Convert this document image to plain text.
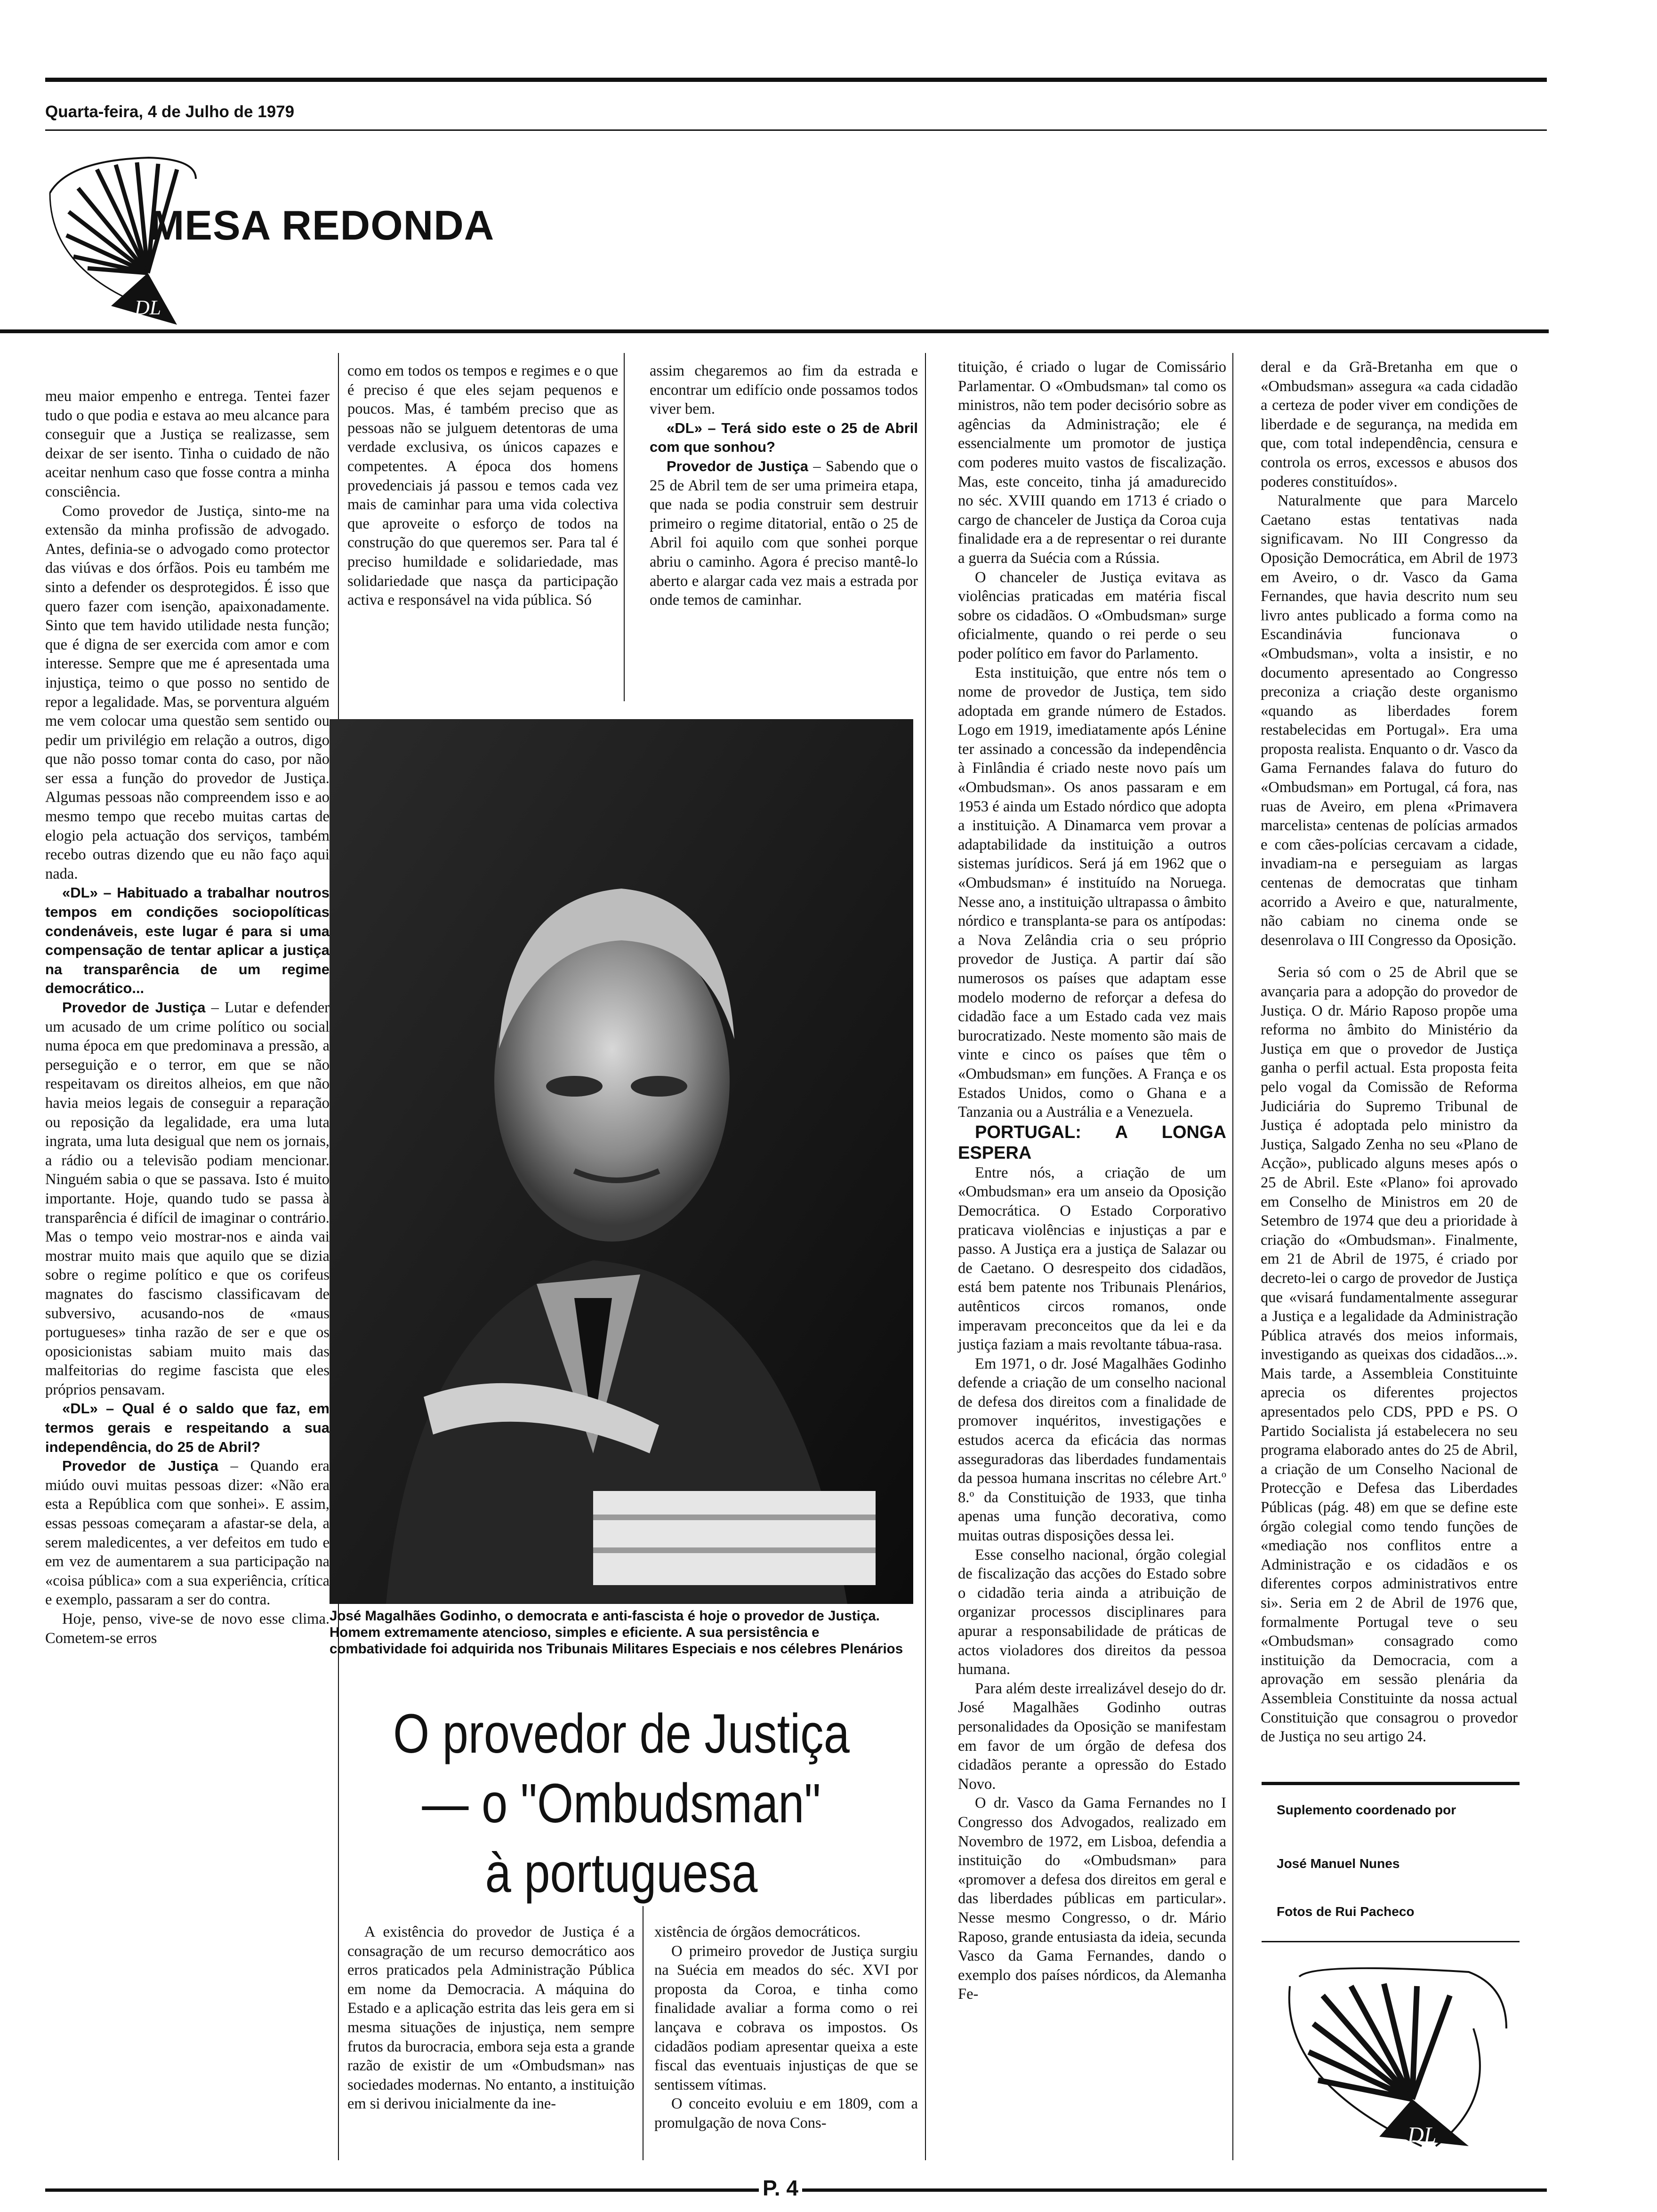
Quarta-feira, 4 de Julho de 1979
DL
MESA REDONDA

meu maior empenho e entrega. Tentei fazer tudo o que podia e estava ao meu alcance para conseguir que a Justiça se realizasse, sem deixar de ser isento. Tinha o cuidado de não aceitar nenhum caso que fosse contra a minha consciência.

Como provedor de Justiça, sinto-me na extensão da minha profissão de advogado. Antes, definia-se o advogado como protector das viúvas e dos órfãos. Pois eu também me sinto a defender os desprotegidos. É isso que quero fazer com isenção, apaixonadamente. Sinto que tem havido utilidade nesta função; que é digna de ser exercida com amor e com interesse. Sempre que me é apresentada uma injustiça, teimo o que posso no sentido de repor a legalidade. Mas, se porventura alguém me vem colocar uma questão sem sentido ou pedir um privilégio em relação a outros, digo que não posso tomar conta do caso, por não ser essa a função do provedor de Justiça. Algumas pessoas não compreendem isso e ao mesmo tempo que recebo muitas cartas de elogio pela actuação dos serviços, também recebo outras dizendo que eu não faço aqui nada.

«DL» – Habituado a trabalhar noutros tempos em condições sociopolíticas condenáveis, este lugar é para si uma compensação de tentar aplicar a justiça na transparência de um regime democrático...

Provedor de Justiça – Lutar e defender um acusado de um crime político ou social numa época em que predominava a pressão, a perseguição e o terror, em que se não respeitavam os direitos alheios, em que não havia meios legais de conseguir a reparação ou reposição da legalidade, era uma luta ingrata, uma luta desigual que nem os jornais, a rádio ou a televisão podiam mencionar. Ninguém sabia o que se passava. Isto é muito importante. Hoje, quando tudo se passa à transparência é difícil de imaginar o contrário. Mas o tempo veio mostrar-nos e ainda vai mostrar muito mais que aquilo que se dizia sobre o regime político e que os corifeus magnates do fascismo classificavam de subversivo, acusando-nos de «maus portugueses» tinha razão de ser e que os oposicionistas sabiam muito mais das malfeitorias do regime fascista que eles próprios pensavam.

«DL» – Qual é o saldo que faz, em termos gerais e respeitando a sua independência, do 25 de Abril?

Provedor de Justiça – Quando era miúdo ouvi muitas pessoas dizer: «Não era esta a República com que sonhei». E assim, essas pessoas começaram a afastar-se dela, a serem maledicentes, a ver defeitos em tudo e em vez de aumentarem a sua participação na «coisa pública» com a sua experiência, crítica e exemplo, passaram a ser do contra.

Hoje, penso, vive-se de novo esse clima. Cometem-se erros

como em todos os tempos e regimes e o que é preciso é que eles sejam pequenos e poucos. Mas, é também preciso que as pessoas não se julguem detentoras de uma verdade exclusiva, os únicos capazes e competentes. A época dos homens provedenciais já passou e temos cada vez mais de caminhar para uma vida colectiva que aproveite o esforço de todos na construção do que queremos ser. Para tal é preciso humildade e solidariedade, mas solidariedade que nasça da participação activa e responsável na vida pública. Só

assim chegaremos ao fim da estrada e encontrar um edifício onde possamos todos viver bem.

«DL» – Terá sido este o 25 de Abril com que sonhou?

Provedor de Justiça – Sabendo que o 25 de Abril tem de ser uma primeira etapa, que nada se podia construir sem destruir primeiro o regime ditatorial, então o 25 de Abril foi aquilo com que sonhei porque abriu o caminho. Agora é preciso mantê-lo aberto e alargar cada vez mais a estrada por onde temos de caminhar.

José Magalhães Godinho, o democrata e anti-fascista é hoje o provedor de Justiça. Homem extremamente atencioso, simples e eficiente. A sua persistência e combatividade foi adquirida nos Tribunais Militares Especiais e nos célebres Plenários
O provedor de Justiça
— o "Ombudsman"
à portuguesa

A existência do provedor de Justiça é a consagração de um recurso democrático aos erros praticados pela Administração Pública em nome da Democracia. A máquina do Estado e a aplicação estrita das leis gera em si mesma situações de injustiça, nem sempre frutos da burocracia, embora seja esta a grande razão de existir de um «Ombudsman» nas sociedades modernas. No entanto, a instituição em si derivou inicialmente da ine-

xistência de órgãos democráticos.

O primeiro provedor de Justiça surgiu na Suécia em meados do séc. XVI por proposta da Coroa, e tinha como finalidade avaliar a forma como o rei lançava e cobrava os impostos. Os cidadãos podiam apresentar queixa a este fiscal das eventuais injustiças de que se sentissem vítimas.

O conceito evoluiu e em 1809, com a promulgação de nova Cons-

tituição, é criado o lugar de Comissário Parlamentar. O «Ombudsman» tal como os ministros, não tem poder decisório sobre as agências da Administração; ele é essencialmente um promotor de justiça com poderes muito vastos de fiscalização. Mas, este conceito, tinha já amadurecido no séc. XVIII quando em 1713 é criado o cargo de chanceler de Justiça da Coroa cuja finalidade era a de representar o rei durante a guerra da Suécia com a Rússia.

O chanceler de Justiça evitava as violências praticadas em matéria fiscal sobre os cidadãos. O «Ombudsman» surge oficialmente, quando o rei perde o seu poder político em favor do Parlamento.

Esta instituição, que entre nós tem o nome de provedor de Justiça, tem sido adoptada em grande número de Estados. Logo em 1919, imediatamente após Lénine ter assinado a concessão da independência à Finlândia é criado neste novo país um «Ombudsman». Os anos passaram e em 1953 é ainda um Estado nórdico que adopta a instituição. A Dinamarca vem provar a adaptabilidade da instituição a outros sistemas jurídicos. Será já em 1962 que o «Ombudsman» é instituído na Noruega. Nesse ano, a instituição ultrapassa o âmbito nórdico e transplanta-se para os antípodas: a Nova Zelândia cria o seu próprio provedor de Justiça. A partir daí são numerosos os países que adaptam esse modelo moderno de reforçar a defesa do cidadão face a um Estado cada vez mais burocratizado. Neste momento são mais de vinte e cinco os países que têm o «Ombudsman» em funções. A França e os Estados Unidos, como o Ghana e a Tanzania ou a Austrália e a Venezuela.

PORTUGAL: A LONGA ESPERA

Entre nós, a criação de um «Ombudsman» era um anseio da Oposição Democrática. O Estado Corporativo praticava violências e injustiças a par e passo. A Justiça era a justiça de Salazar ou de Caetano. O desrespeito dos cidadãos, está bem patente nos Tribunais Plenários, autênticos circos romanos, onde imperavam preconceitos que da lei e da justiça faziam a mais revoltante tábua-rasa.

Em 1971, o dr. José Magalhães Godinho defende a criação de um conselho nacional de defesa dos direitos com a finalidade de promover inquéritos, investigações e estudos acerca da eficácia das normas asseguradoras das liberdades fundamentais da pessoa humana inscritas no célebre Art.º 8.º da Constituição de 1933, que tinha apenas uma função decorativa, como muitas outras disposições dessa lei.

Esse conselho nacional, órgão colegial de fiscalização das acções do Estado sobre o cidadão teria ainda a atribuição de organizar processos disciplinares para apurar a responsabilidade de práticas de actos violadores dos direitos da pessoa humana.

Para além deste irrealizável desejo do dr. José Magalhães Godinho outras personalidades da Oposição se manifestam em favor de um órgão de defesa dos cidadãos perante a opressão do Estado Novo.

O dr. Vasco da Gama Fernandes no I Congresso dos Advogados, realizado em Novembro de 1972, em Lisboa, defendia a instituição do «Ombudsman» para «promover a defesa dos direitos em geral e das liberdades públicas em particular». Nesse mesmo Congresso, o dr. Mário Raposo, grande entusiasta da ideia, secunda Vasco da Gama Fernandes, dando o exemplo dos países nórdicos, da Alemanha Fe-

deral e da Grã-Bretanha em que o «Ombudsman» assegura «a cada cidadão a certeza de poder viver em condições de liberdade e de segurança, na medida em que, com total independência, censura e controla os erros, excessos e abusos dos poderes constituídos».

Naturalmente que para Marcelo Caetano estas tentativas nada significavam. No III Congresso da Oposição Democrática, em Abril de 1973 em Aveiro, o dr. Vasco da Gama Fernandes, que havia descrito num seu livro antes publicado a forma como na Escandinávia funcionava o «Ombudsman», volta a insistir, e no documento apresentado ao Congresso preconiza a criação deste organismo «quando as liberdades forem restabelecidas em Portugal». Era uma proposta realista. Enquanto o dr. Vasco da Gama Fernandes falava do futuro do «Ombudsman» em Portugal, cá fora, nas ruas de Aveiro, em plena «Primavera marcelista» centenas de polícias armados e com cães-polícias cercavam a cidade, invadiam-na e perseguiam as largas centenas de democratas que tinham acorrido a Aveiro e que, naturalmente, não cabiam no cinema onde se desenrolava o III Congresso da Oposição.

Seria só com o 25 de Abril que se avançaria para a adopção do provedor de Justiça. O dr. Mário Raposo propõe uma reforma no âmbito do Ministério da Justiça em que o provedor de Justiça ganha o perfil actual. Esta proposta feita pelo vogal da Comissão de Reforma Judiciária do Supremo Tribunal de Justiça é adoptada pelo ministro da Justiça, Salgado Zenha no seu «Plano de Acção», publicado alguns meses após o 25 de Abril. Este «Plano» foi aprovado em Conselho de Ministros em 20 de Setembro de 1974 que deu a prioridade à criação do «Ombudsman». Finalmente, em 21 de Abril de 1975, é criado por decreto-lei o cargo de provedor de Justiça que «visará fundamentalmente assegurar a Justiça e a legalidade da Administração Pública através dos meios informais, investigando as queixas dos cidadãos...». Mais tarde, a Assembleia Constituinte aprecia os diferentes projectos apresentados pelo CDS, PPD e PS. O Partido Socialista já estabelecera no seu programa elaborado antes do 25 de Abril, a criação de um Conselho Nacional de Protecção e Defesa das Liberdades Públicas (pág. 48) em que se define este órgão colegial como tendo funções de «mediação nos conflitos entre a Administração e os cidadãos e os diferentes corpos administrativos entre si». Seria em 2 de Abril de 1976 que, formalmente Portugal teve o seu «Ombudsman» consagrado como instituição da Democracia, com a aprovação em sessão plenária da Assembleia Constituinte da nossa actual Constituição que consagrou o provedor de Justiça no seu artigo 24.

Suplemento coordenado por
José Manuel Nunes
Fotos de Rui Pacheco
DL
P. 4
